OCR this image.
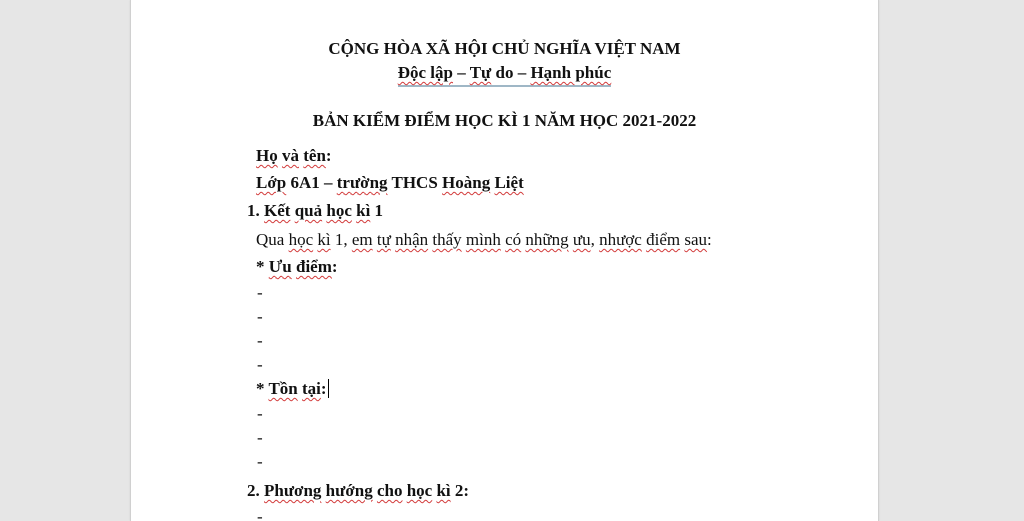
CỘNG HÒA XÃ HỘI CHỦ NGHĨA VIỆT NAM
Độc lập – Tự do – Hạnh phúc
BẢN KIỂM ĐIỂM HỌC KÌ 1 NĂM HỌC 2021-2022
Họ và tên:
Lớp 6A1 – trường THCS Hoàng Liệt
1. Kết quả học kì 1
Qua học kì 1, em tự nhận thấy mình có những ưu, nhược điểm sau:
* Ưu điểm:
-
-
-
-
* Tồn tại:
-
-
-
2. Phương hướng cho học kì 2:
-
